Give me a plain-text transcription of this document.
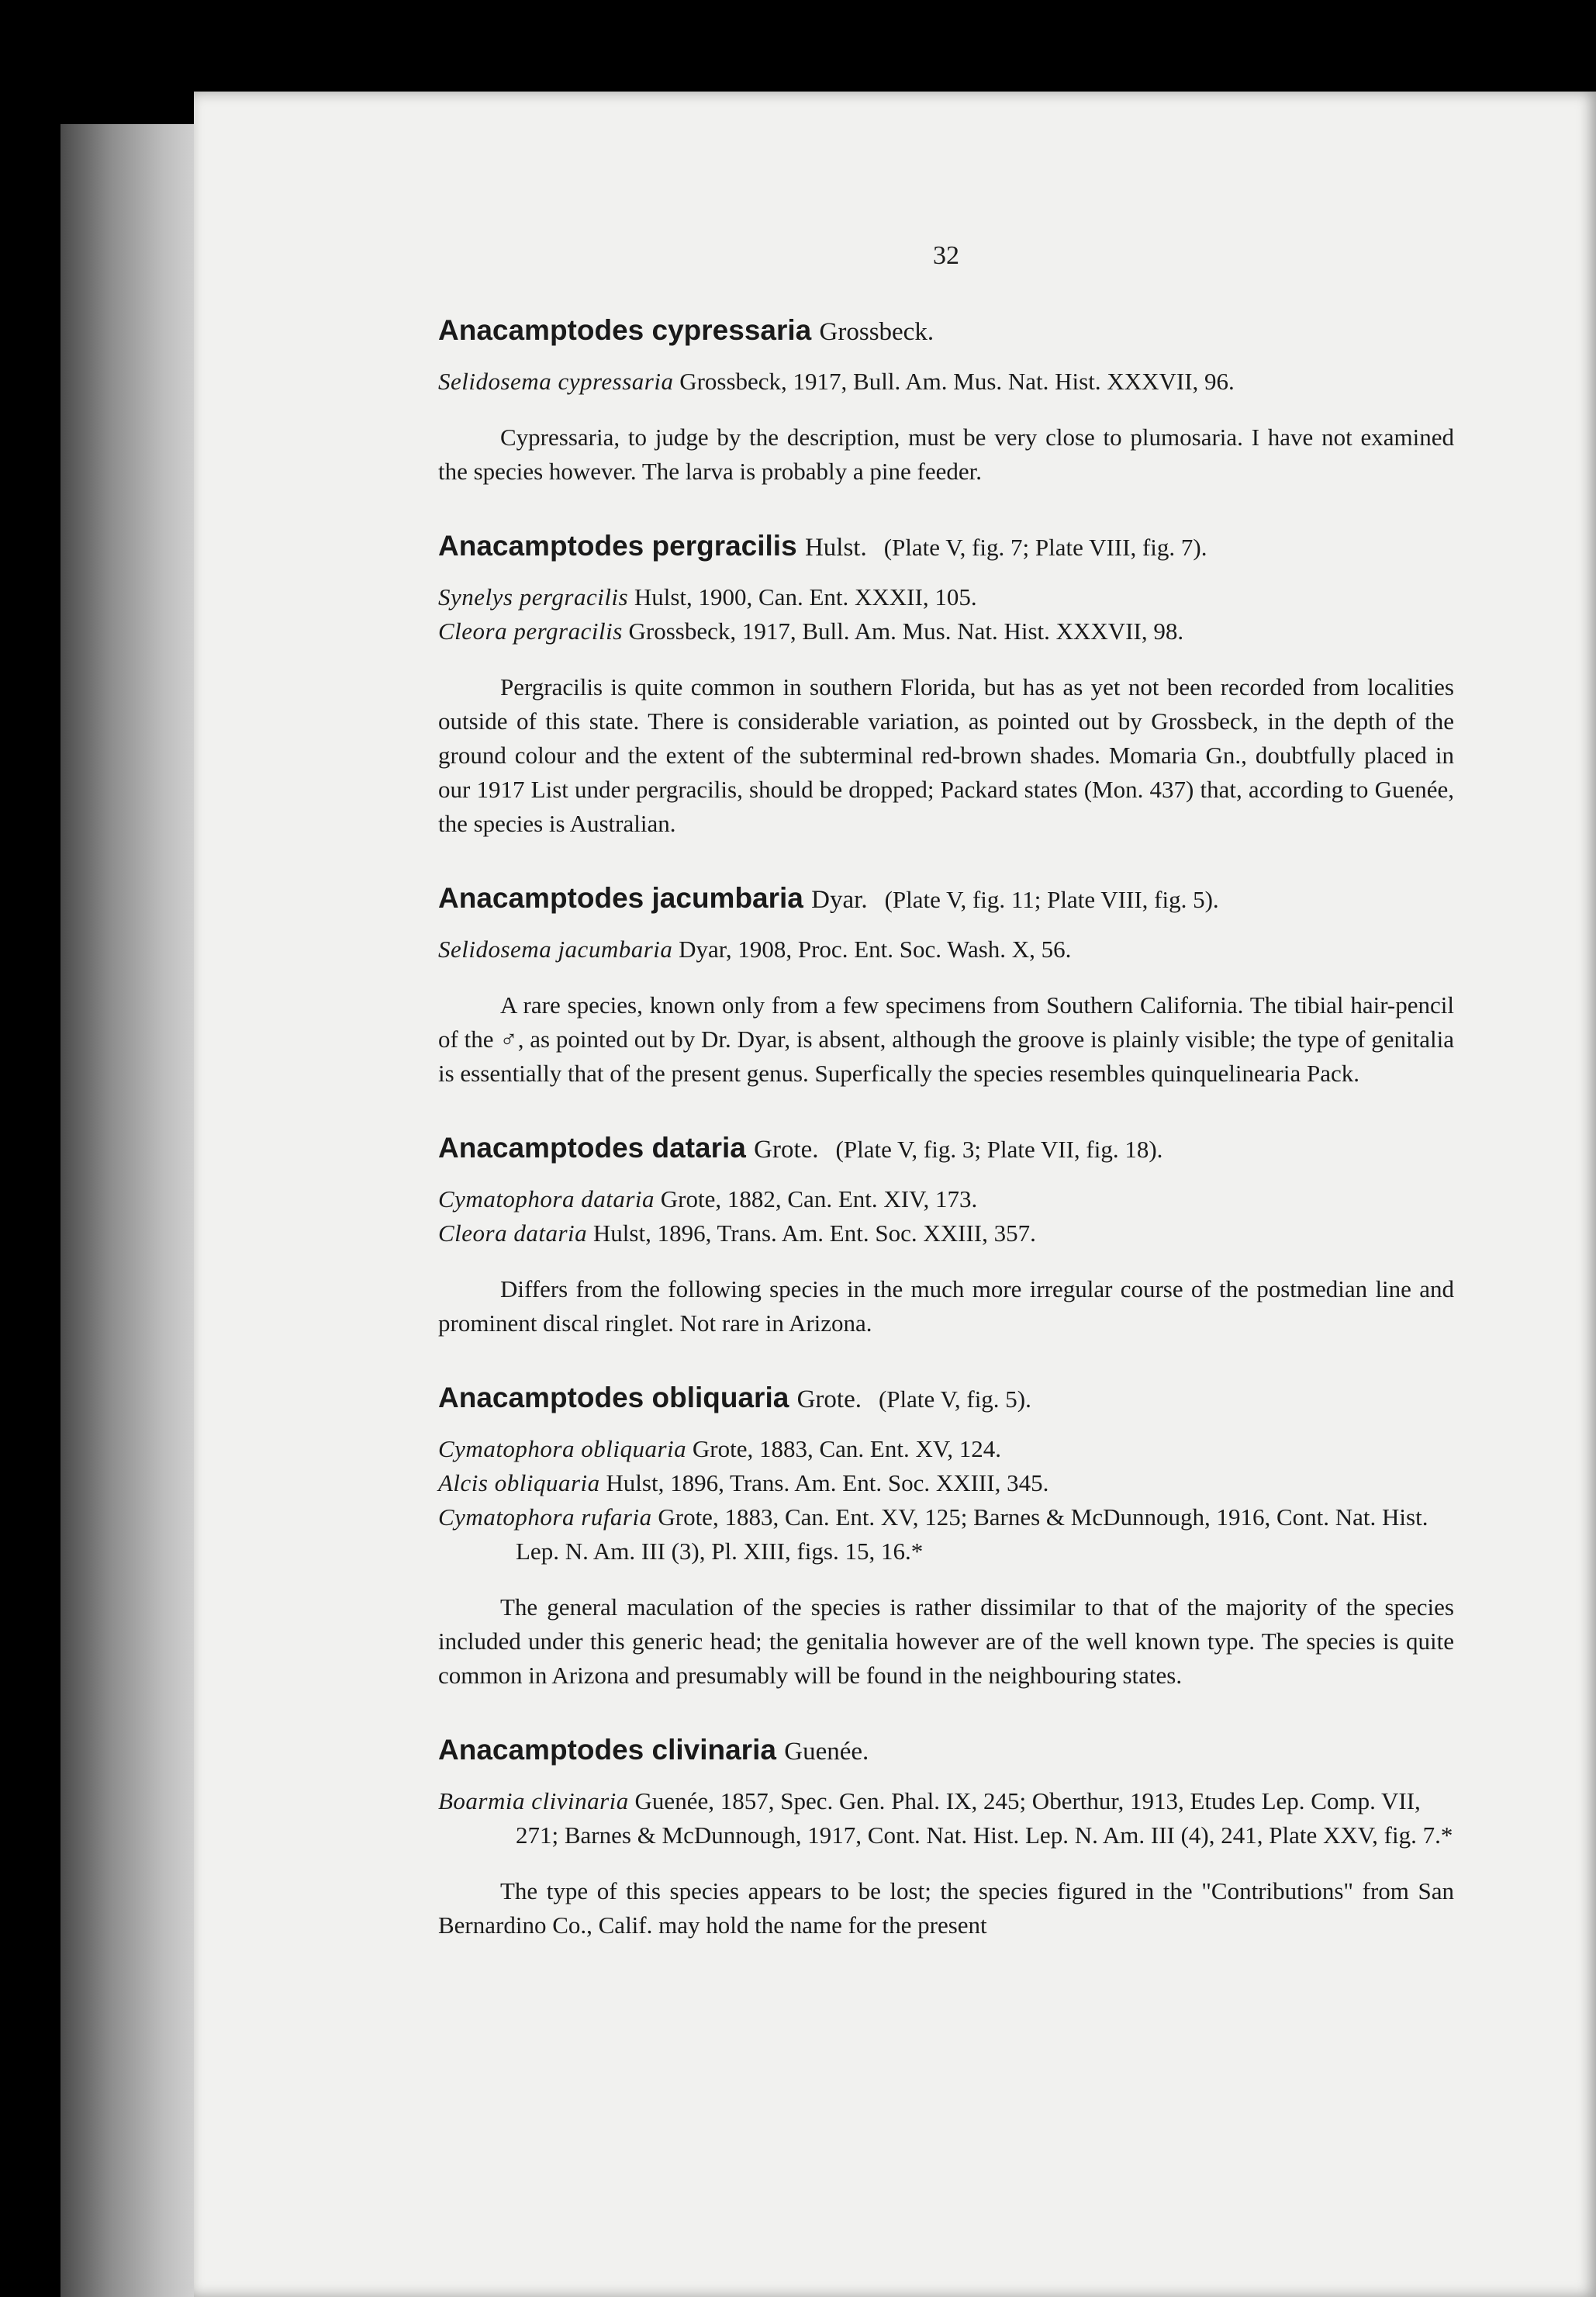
32
Anacamptodes cypressaria Grossbeck.
Selidosema cypressaria Grossbeck, 1917, Bull. Am. Mus. Nat. Hist. XXXVII, 96.

Cypressaria, to judge by the description, must be very close to plumosaria. I have not examined the species however. The larva is probably a pine feeder.

Anacamptodes pergracilis Hulst. (Plate V, fig. 7; Plate VIII, fig. 7).
Synelys pergracilis Hulst, 1900, Can. Ent. XXXII, 105.
Cleora pergracilis Grossbeck, 1917, Bull. Am. Mus. Nat. Hist. XXXVII, 98.

Pergracilis is quite common in southern Florida, but has as yet not been recorded from localities outside of this state. There is considerable variation, as pointed out by Grossbeck, in the depth of the ground colour and the extent of the subterminal red-brown shades. Momaria Gn., doubtfully placed in our 1917 List under pergracilis, should be dropped; Packard states (Mon. 437) that, according to Guenée, the species is Australian.

Anacamptodes jacumbaria Dyar. (Plate V, fig. 11; Plate VIII, fig. 5).
Selidosema jacumbaria Dyar, 1908, Proc. Ent. Soc. Wash. X, 56.

A rare species, known only from a few specimens from Southern California. The tibial hair-pencil of the ♂, as pointed out by Dr. Dyar, is absent, although the groove is plainly visible; the type of genitalia is essentially that of the present genus. Superfically the species resembles quinquelinearia Pack.

Anacamptodes dataria Grote. (Plate V, fig. 3; Plate VII, fig. 18).
Cymatophora dataria Grote, 1882, Can. Ent. XIV, 173.
Cleora dataria Hulst, 1896, Trans. Am. Ent. Soc. XXIII, 357.

Differs from the following species in the much more irregular course of the postmedian line and prominent discal ringlet. Not rare in Arizona.

Anacamptodes obliquaria Grote. (Plate V, fig. 5).
Cymatophora obliquaria Grote, 1883, Can. Ent. XV, 124.
Alcis obliquaria Hulst, 1896, Trans. Am. Ent. Soc. XXIII, 345.
Cymatophora rufaria Grote, 1883, Can. Ent. XV, 125; Barnes & McDunnough, 1916, Cont. Nat. Hist. Lep. N. Am. III (3), Pl. XIII, figs. 15, 16.*

The general maculation of the species is rather dissimilar to that of the majority of the species included under this generic head; the genitalia however are of the well known type. The species is quite common in Arizona and presumably will be found in the neighbouring states.

Anacamptodes clivinaria Guenée.
Boarmia clivinaria Guenée, 1857, Spec. Gen. Phal. IX, 245; Oberthur, 1913, Etudes Lep. Comp. VII, 271; Barnes & McDunnough, 1917, Cont. Nat. Hist. Lep. N. Am. III (4), 241, Plate XXV, fig. 7.*

The type of this species appears to be lost; the species figured in the "Contributions" from San Bernardino Co., Calif. may hold the name for the present
